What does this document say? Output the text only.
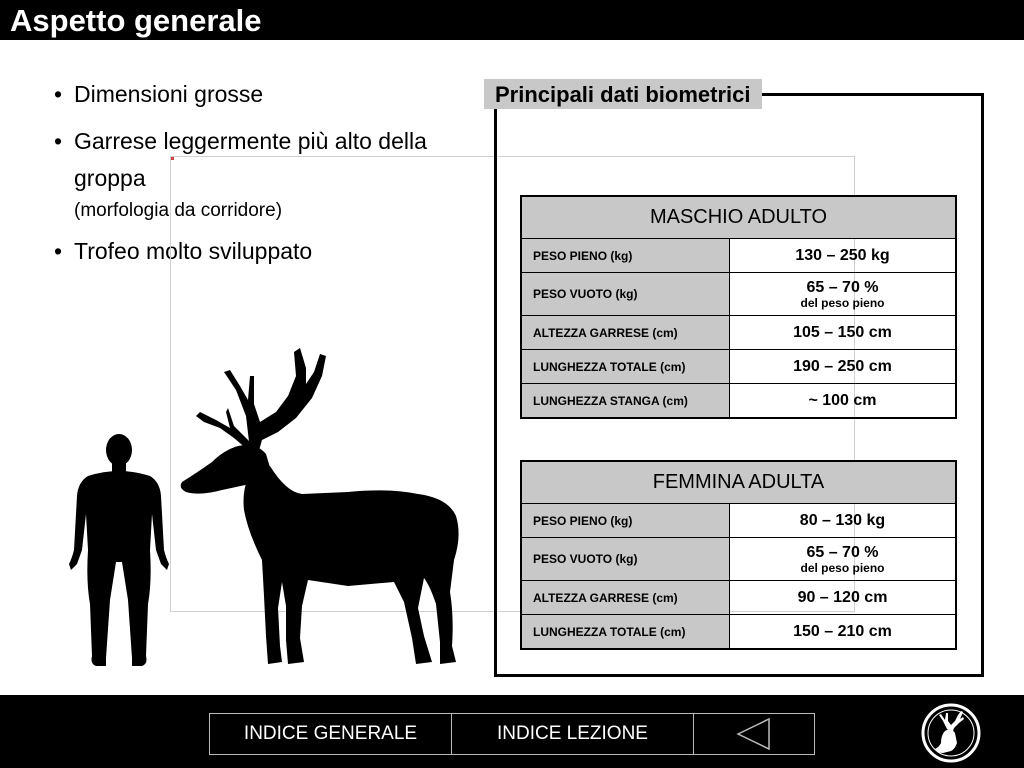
Aspetto generale
• Dimensioni grosse
• Garrese leggermente più alto della groppa
(morfologia da corridore)
• Trofeo molto sviluppato
Principali dati biometrici
MASCHIO ADULTO	
PESO PIENO (kg)	130 – 250 kg
PESO VUOTO (kg)	65 – 70 %
del peso pieno

ALTEZZA GARRESE (cm)	105 – 150 cm
LUNGHEZZA TOTALE (cm)	190 – 250 cm
LUNGHEZZA STANGA (cm)	~ 100 cm
FEMMINA ADULTA	
PESO PIENO (kg)	80 – 130 kg
PESO VUOTO (kg)	65 – 70 %
del peso pieno

ALTEZZA GARRESE (cm)	90 – 120 cm
LUNGHEZZA TOTALE (cm)	150 – 210 cm
INDICE GENERALE	INDICE LEZIONE
